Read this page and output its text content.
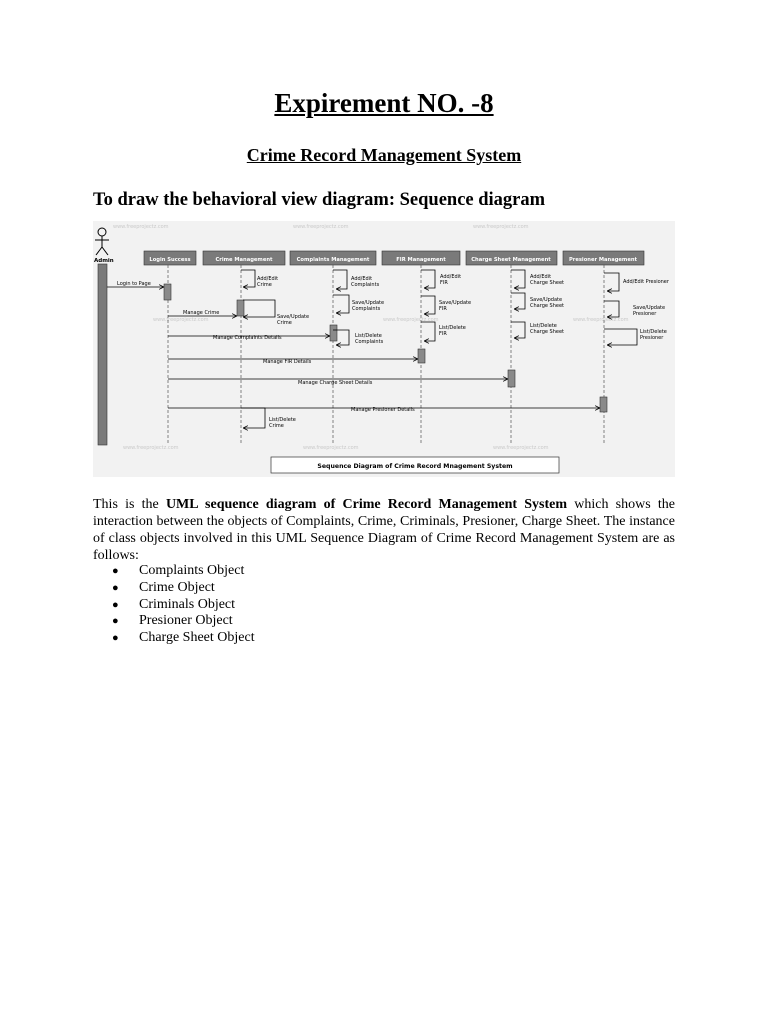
Expirement NO. -8
Crime Record Management System
To draw the behavioral view diagram: Sequence diagram
www.freeprojectz.com	www.freeprojectz.com	www.freeprojectz.com
www.freeprojectz.com	www.freeprojectz.com	www.freeprojectz.com
www.freeprojectz.com	www.freeprojectz.com	www.freeprojectz.com
Admin	Login Success	Crime Management	Complaints Management	FIR Management	Charge Sheet Management	Presioner Management
Login to Page
Manage Crime
Manage Complaints Details
Manage FIR Details
Manage Charge Sheet Details
Manage Presioner Details
Add/Edit
Crime
Save/Update
Crime
List/Delete
Crime
Add/Edit
Complaints
Save/Update
Complaints
List/Delete
Complaints
Add/Edit
FIR
Save/Update
FIR
List/Delete
FIR
Add/Edit
Charge Sheet
Save/Update
Charge Sheet
List/Delete
Charge Sheet
Add/Edit Presioner
Save/Update
Presioner
List/Delete
Presioner
Sequence Diagram of Crime Record Mnagement System
This is the UML sequence diagram of Crime Record Management System which shows the interaction between the objects of Complaints, Crime, Criminals, Presioner, Charge Sheet. The instance of class objects involved in this UML Sequence Diagram of Crime Record Management System are as follows:
● Complaints Object
● Crime Object
● Criminals Object
● Presioner Object
● Charge Sheet Object
